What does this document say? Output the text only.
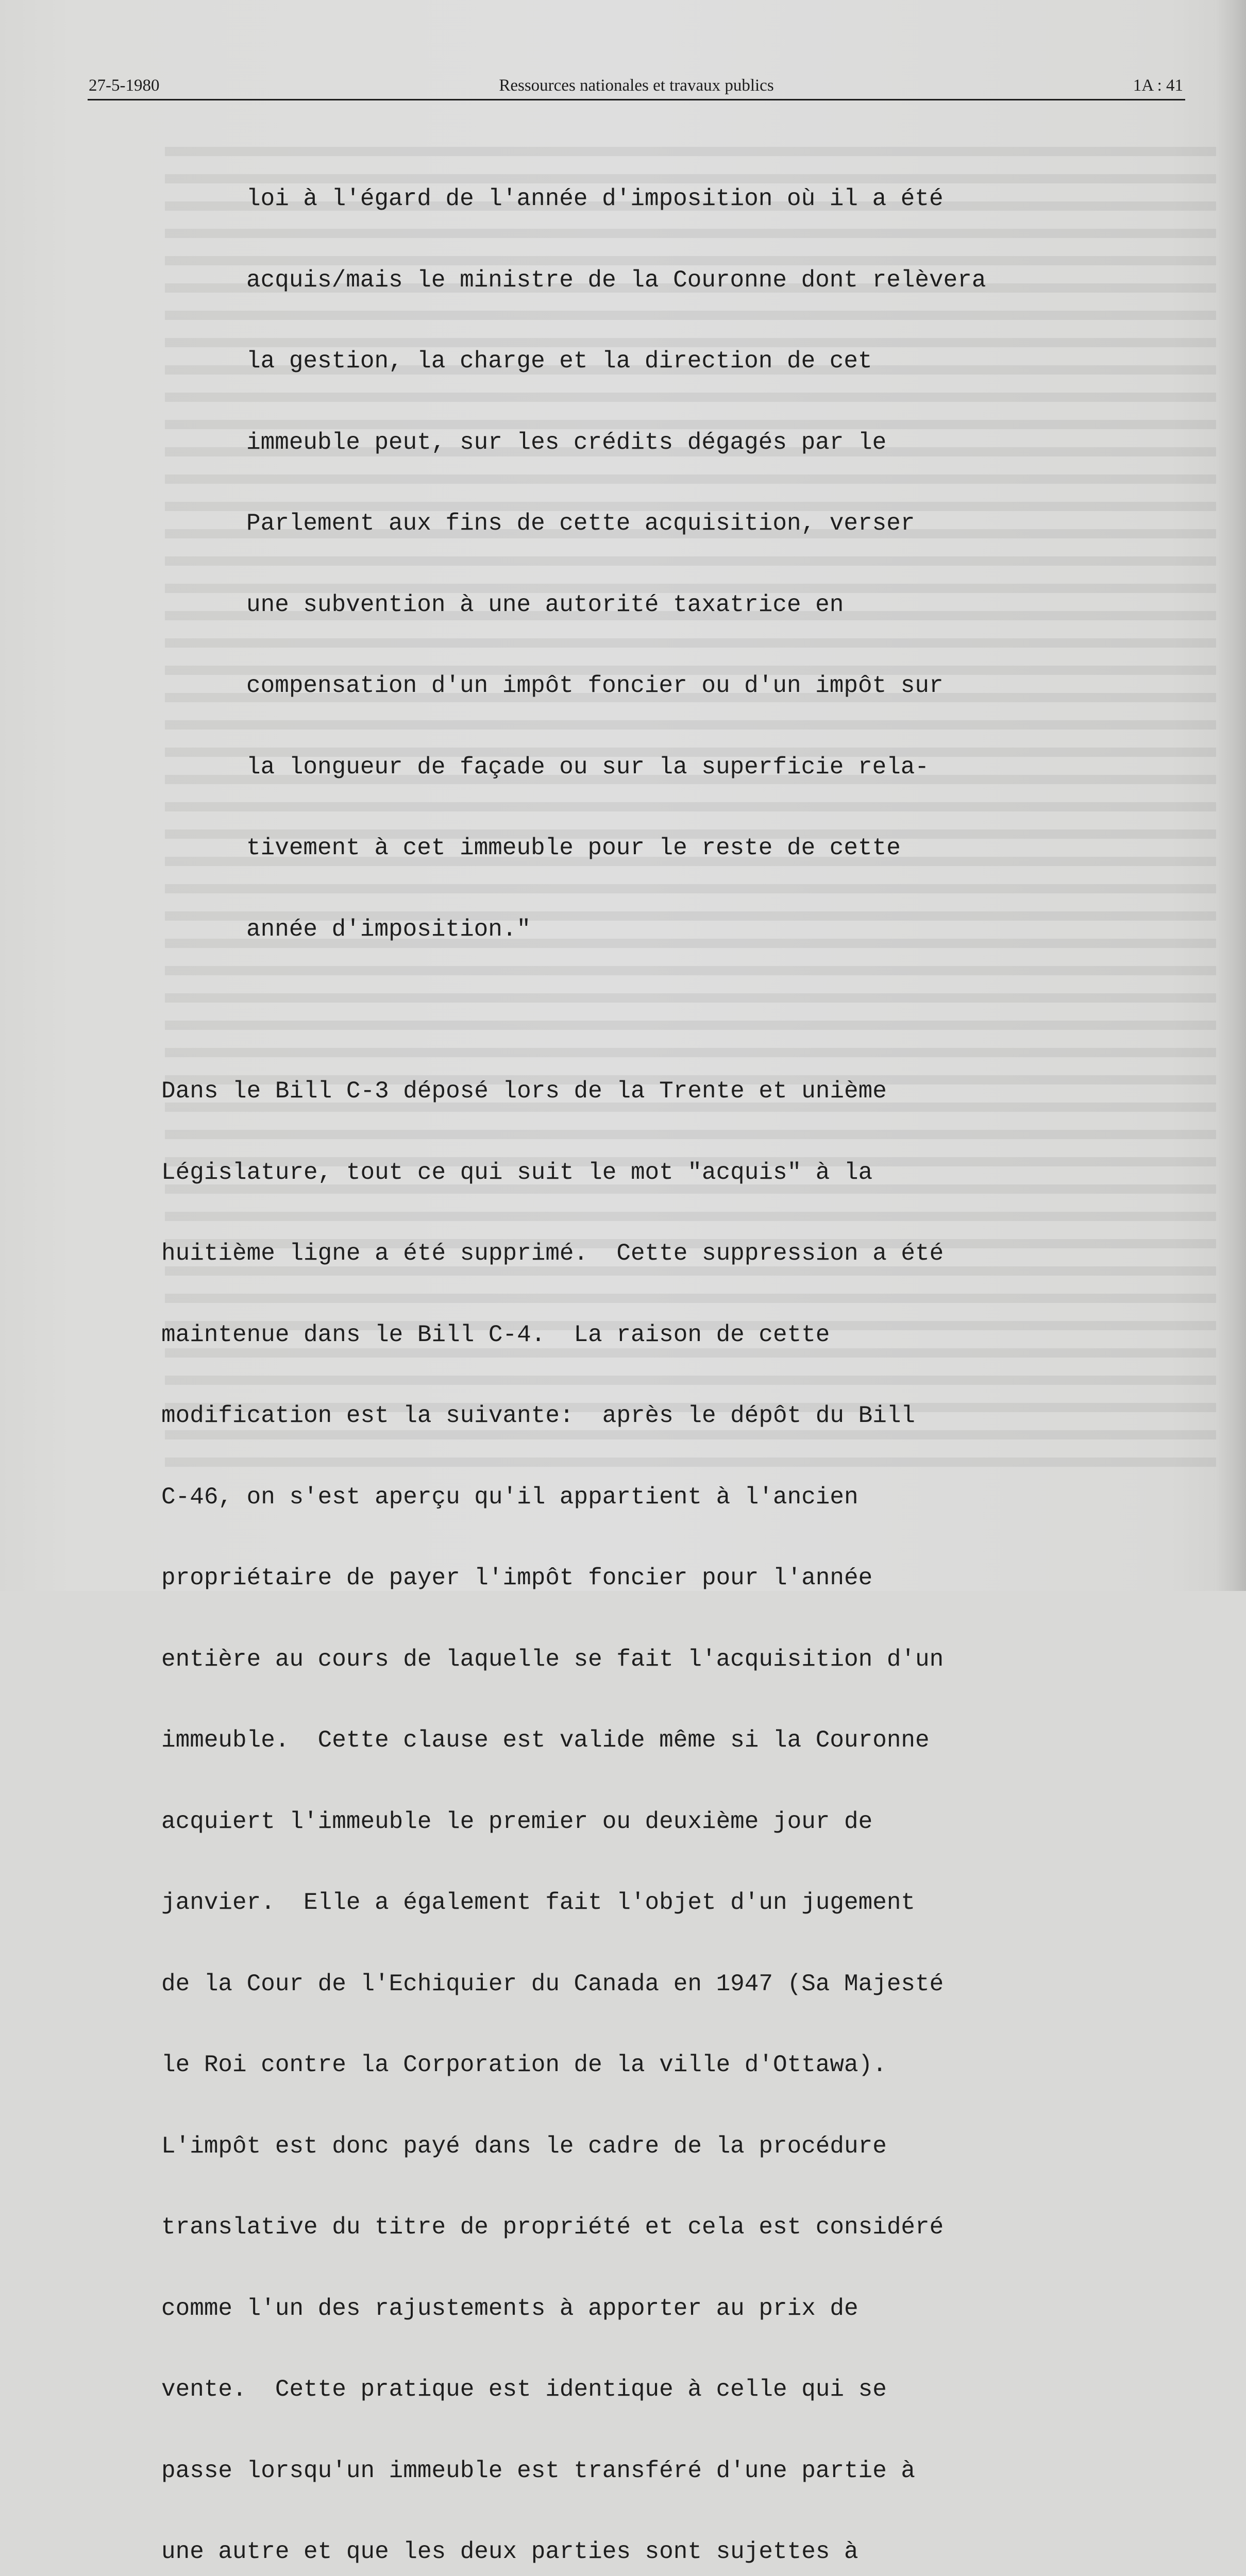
27-5-1980	Ressources nationales et travaux publics	1A : 41

loi à l'égard de l'année d'imposition où il a été

acquis/mais le ministre de la Couronne dont relèvera

la gestion, la charge et la direction de cet

immeuble peut, sur les crédits dégagés par le

Parlement aux fins de cette acquisition, verser

une subvention à une autorité taxatrice en

compensation d'un impôt foncier ou d'un impôt sur

la longueur de façade ou sur la superficie rela-

tivement à cet immeuble pour le reste de cette

année d'imposition."

Dans le Bill C-3 déposé lors de la Trente et unième

Législature, tout ce qui suit le mot "acquis" à la

huitième ligne a été supprimé.  Cette suppression a été

maintenue dans le Bill C-4.  La raison de cette

modification est la suivante:  après le dépôt du Bill

C-46, on s'est aperçu qu'il appartient à l'ancien

propriétaire de payer l'impôt foncier pour l'année

entière au cours de laquelle se fait l'acquisition d'un

immeuble.  Cette clause est valide même si la Couronne

acquiert l'immeuble le premier ou deuxième jour de

janvier.  Elle a également fait l'objet d'un jugement

de la Cour de l'Echiquier du Canada en 1947 (Sa Majesté

le Roi contre la Corporation de la ville d'Ottawa).

L'impôt est donc payé dans le cadre de la procédure

translative du titre de propriété et cela est considéré

comme l'un des rajustements à apporter au prix de

vente.  Cette pratique est identique à celle qui se

passe lorsqu'un immeuble est transféré d'une partie à

une autre et que les deux parties sont sujettes à
